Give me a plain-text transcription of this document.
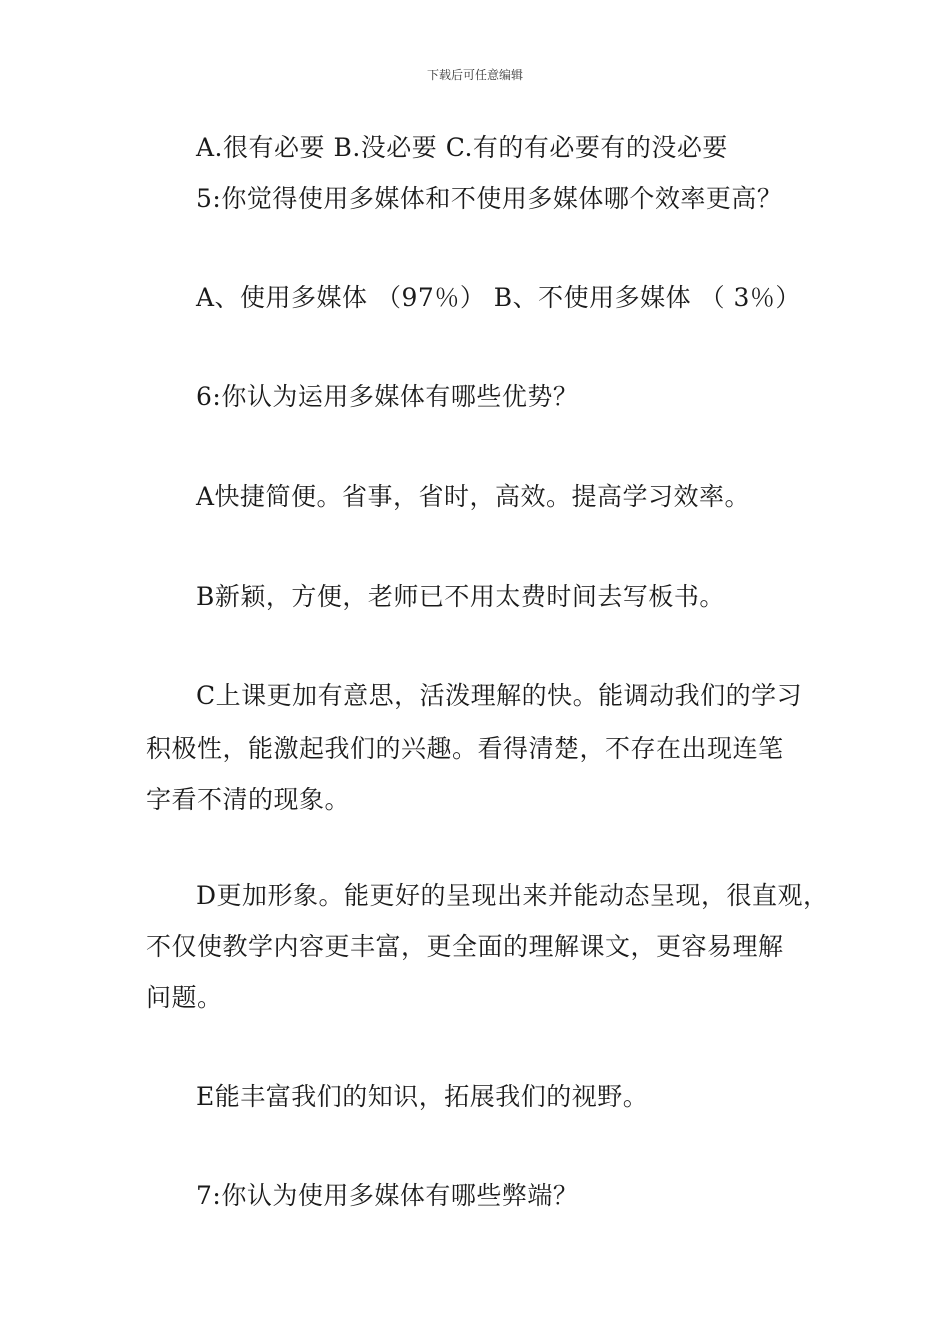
下载后可任意编辑
A.很有必要 B.没必要 C.有的有必要有的没必要
5:你觉得使用多媒体和不使用多媒体哪个效率更高？
A、使用多媒体 （97％） B、不使用多媒体 （ 3％）
6:你认为运用多媒体有哪些优势？
A快捷简便。省事，省时，高效。提高学习效率。
B新颖，方便，老师已不用太费时间去写板书。
C上课更加有意思，活泼理解的快。能调动我们的学习
积极性，能激起我们的兴趣。看得清楚，不存在出现连笔
字看不清的现象。
D更加形象。能更好的呈现出来并能动态呈现，很直观，
不仅使教学内容更丰富，更全面的理解课文，更容易理解
问题。
E能丰富我们的知识，拓展我们的视野。
7:你认为使用多媒体有哪些弊端？
